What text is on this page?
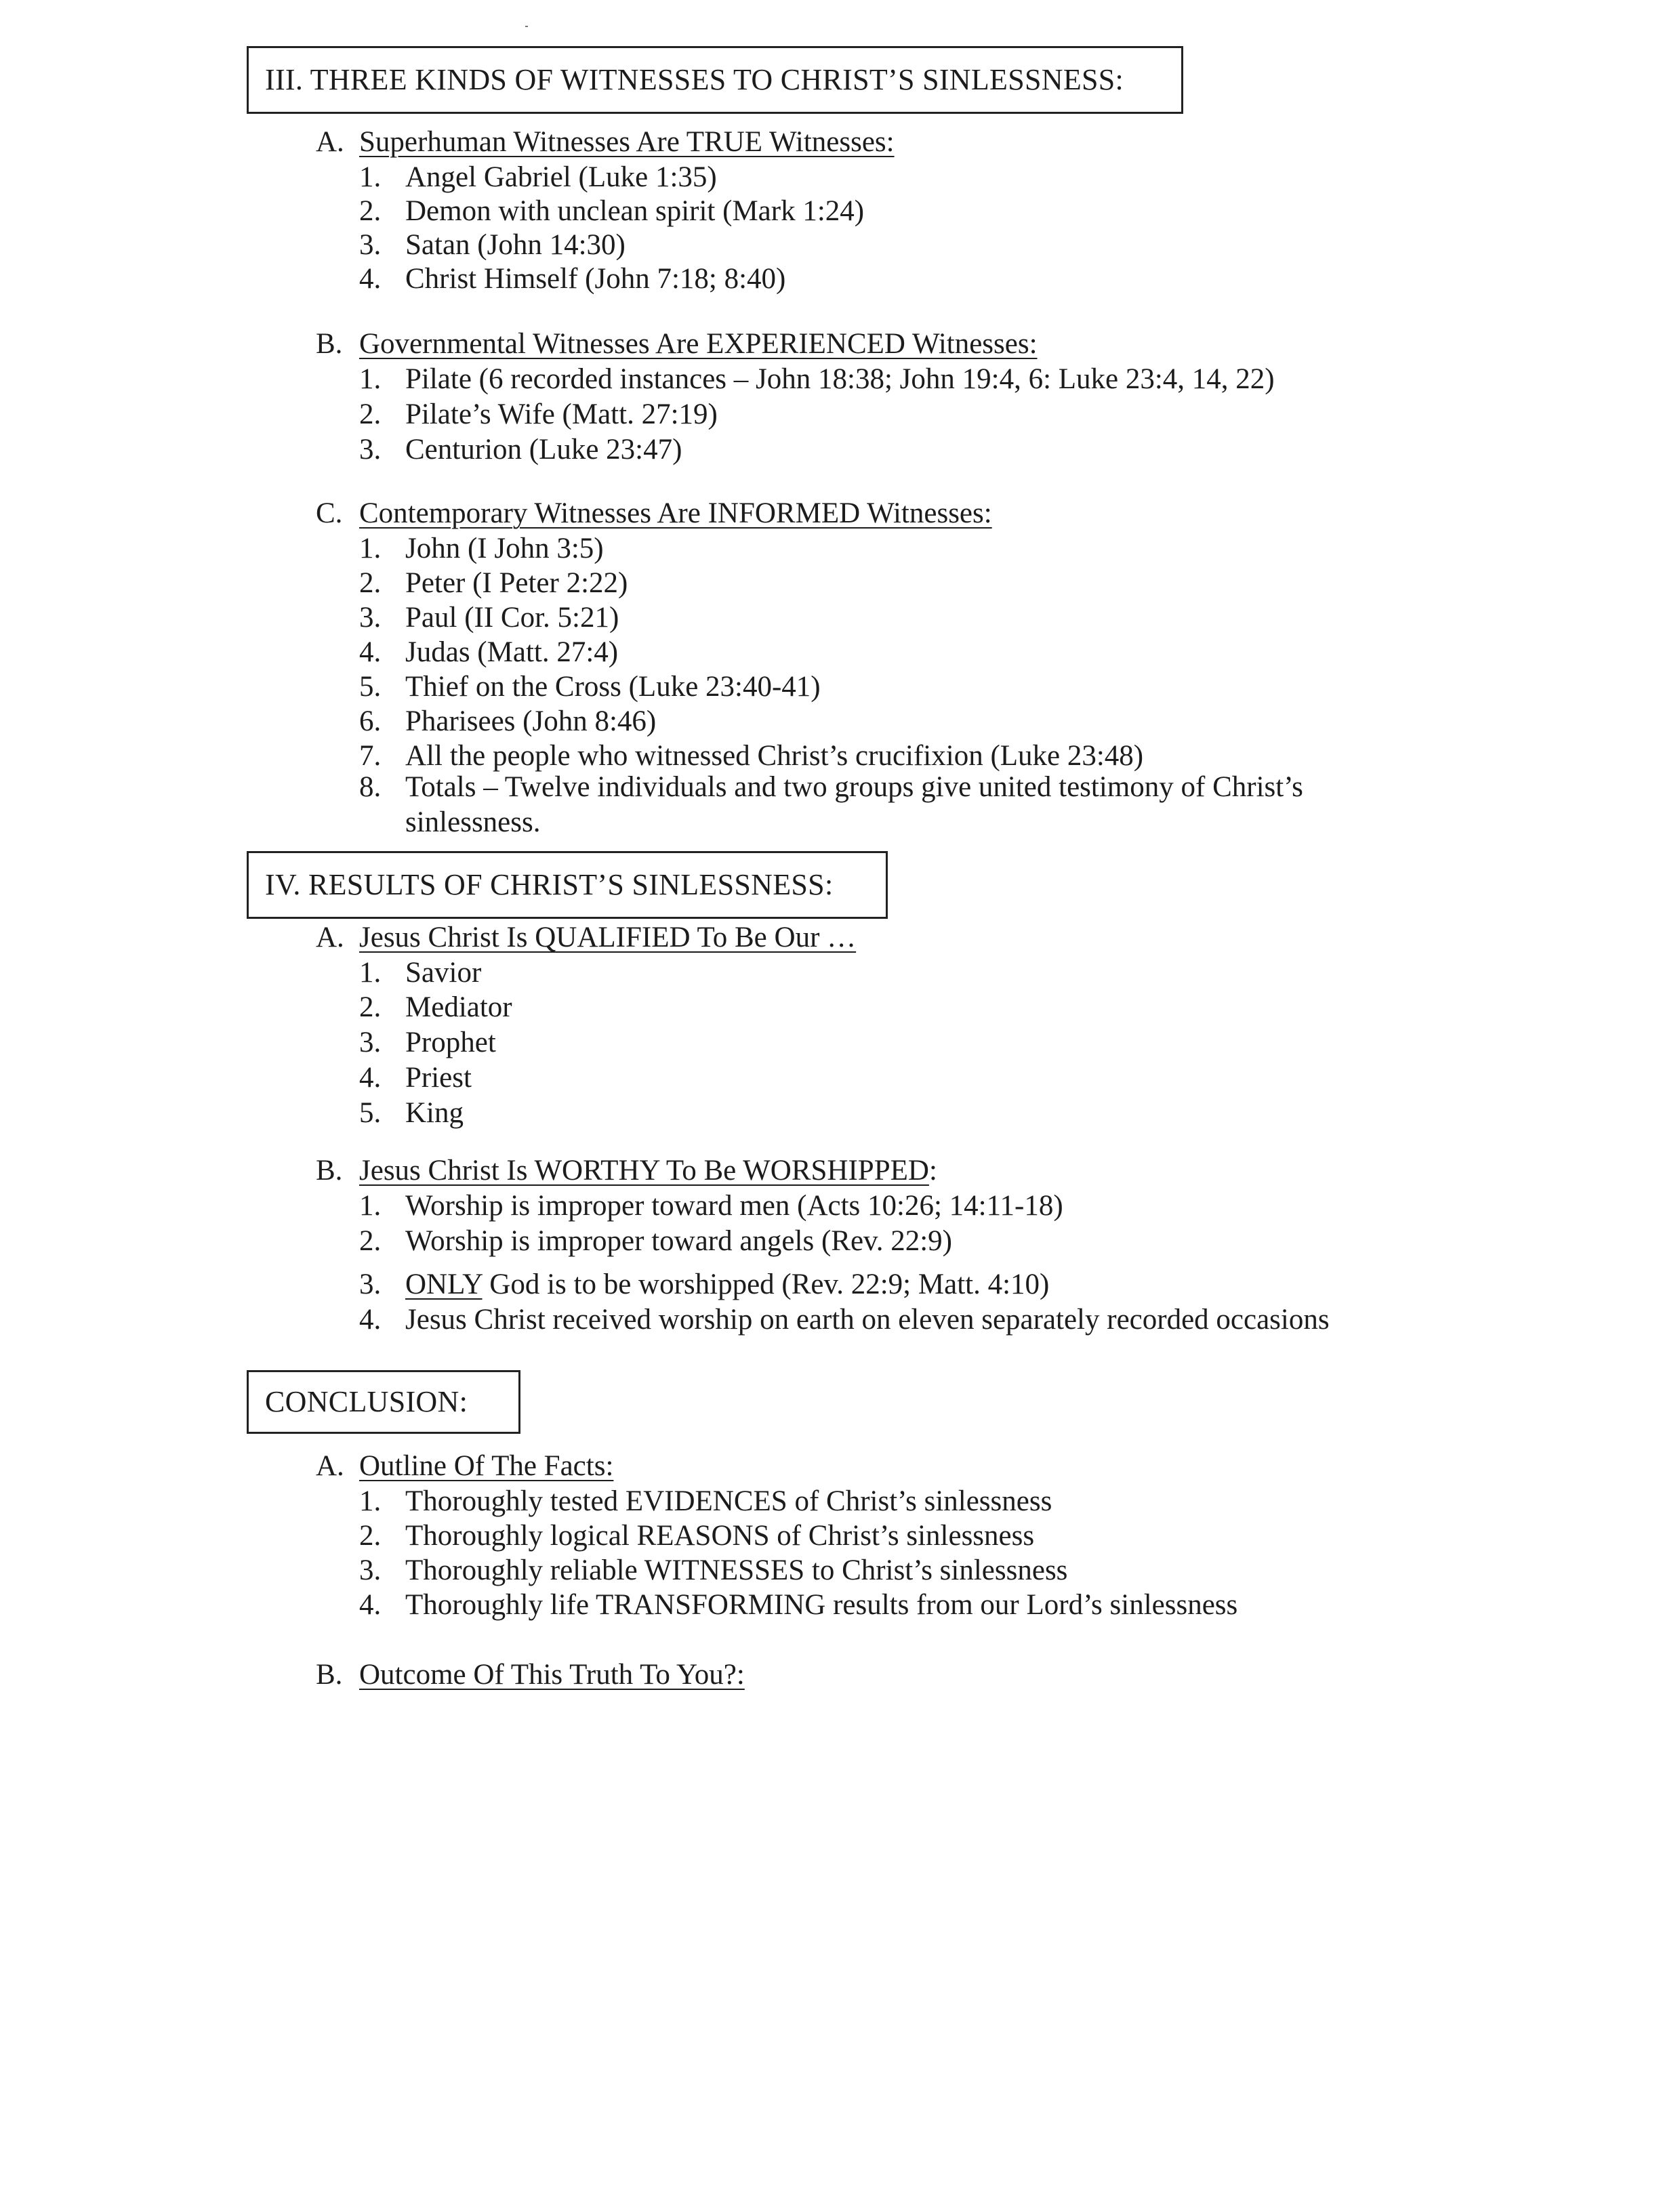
III. THREE KINDS OF WITNESSES TO CHRIST’S SINLESSNESS:
A. Superhuman Witnesses Are TRUE Witnesses:
1. Angel Gabriel (Luke 1:35)
2. Demon with unclean spirit (Mark 1:24)
3. Satan (John 14:30)
4. Christ Himself (John 7:18; 8:40)
B. Governmental Witnesses Are EXPERIENCED Witnesses:
1. Pilate (6 recorded instances – John 18:38; John 19:4, 6: Luke 23:4, 14, 22)
2. Pilate’s Wife (Matt. 27:19)
3. Centurion (Luke 23:47)
C. Contemporary Witnesses Are INFORMED Witnesses:
1. John (I John 3:5)
2. Peter (I Peter 2:22)
3. Paul (II Cor. 5:21)
4. Judas (Matt. 27:4)
5. Thief on the Cross (Luke 23:40-41)
6. Pharisees (John 8:46)
7. All the people who witnessed Christ’s crucifixion (Luke 23:48)
8. Totals – Twelve individuals and two groups give united testimony of Christ’s sinlessness.
IV. RESULTS OF CHRIST’S SINLESSNESS:
A. Jesus Christ Is QUALIFIED To Be Our …
1. Savior
2. Mediator
3. Prophet
4. Priest
5. King
B. Jesus Christ Is WORTHY To Be WORSHIPPED:
1. Worship is improper toward men (Acts 10:26; 14:11-18)
2. Worship is improper toward angels (Rev. 22:9)
3. ONLY God is to be worshipped (Rev. 22:9; Matt. 4:10)
4. Jesus Christ received worship on earth on eleven separately recorded occasions
CONCLUSION:
A. Outline Of The Facts:
1. Thoroughly tested EVIDENCES of Christ’s sinlessness
2. Thoroughly logical REASONS of Christ’s sinlessness
3. Thoroughly reliable WITNESSES to Christ’s sinlessness
4. Thoroughly life TRANSFORMING results from our Lord’s sinlessness
B. Outcome Of This Truth To You?:
